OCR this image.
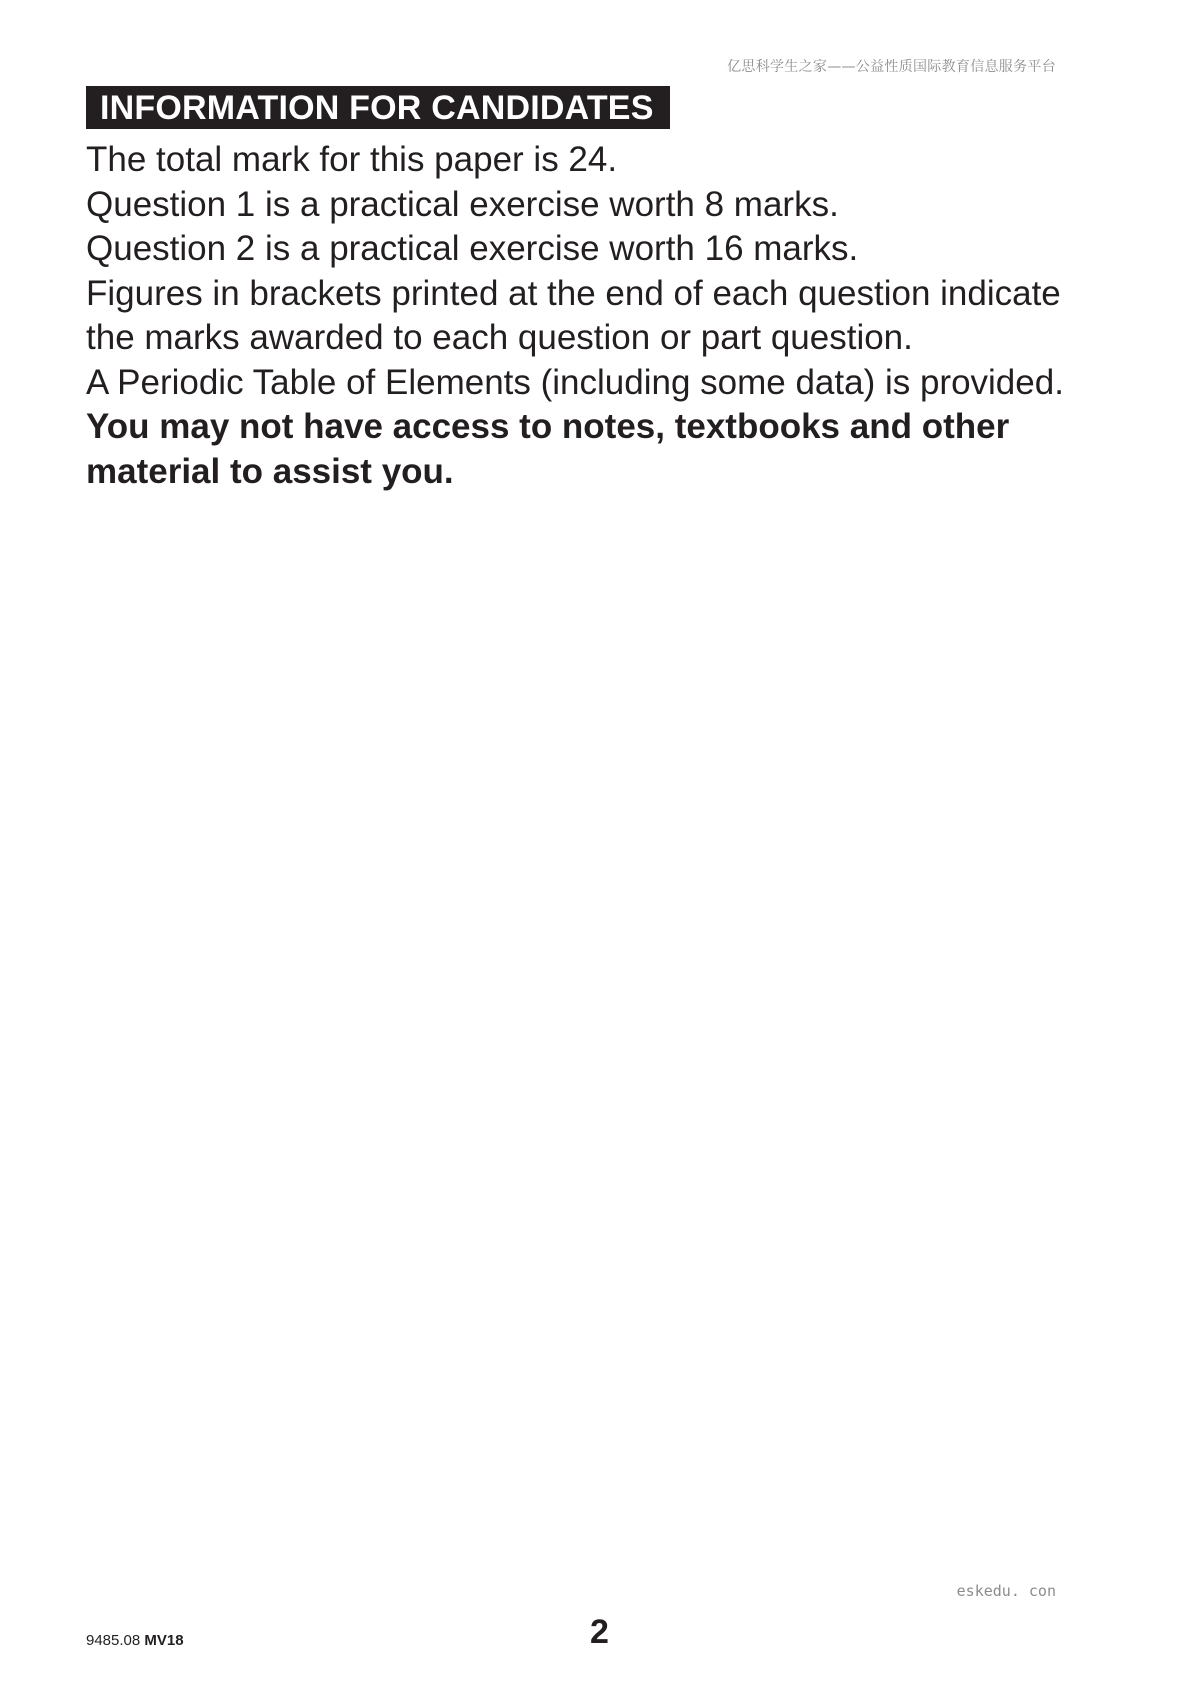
亿思科学生之家——公益性质国际教育信息服务平台
INFORMATION FOR CANDIDATES
The total mark for this paper is 24.
Question 1 is a practical exercise worth 8 marks.
Question 2 is a practical exercise worth 16 marks.
Figures in brackets printed at the end of each question indicate
the marks awarded to each question or part question.
A Periodic Table of Elements (including some data) is provided.
You may not have access to notes, textbooks and other
material to assist you.
eskedu. con
9485.08 MV18	2
